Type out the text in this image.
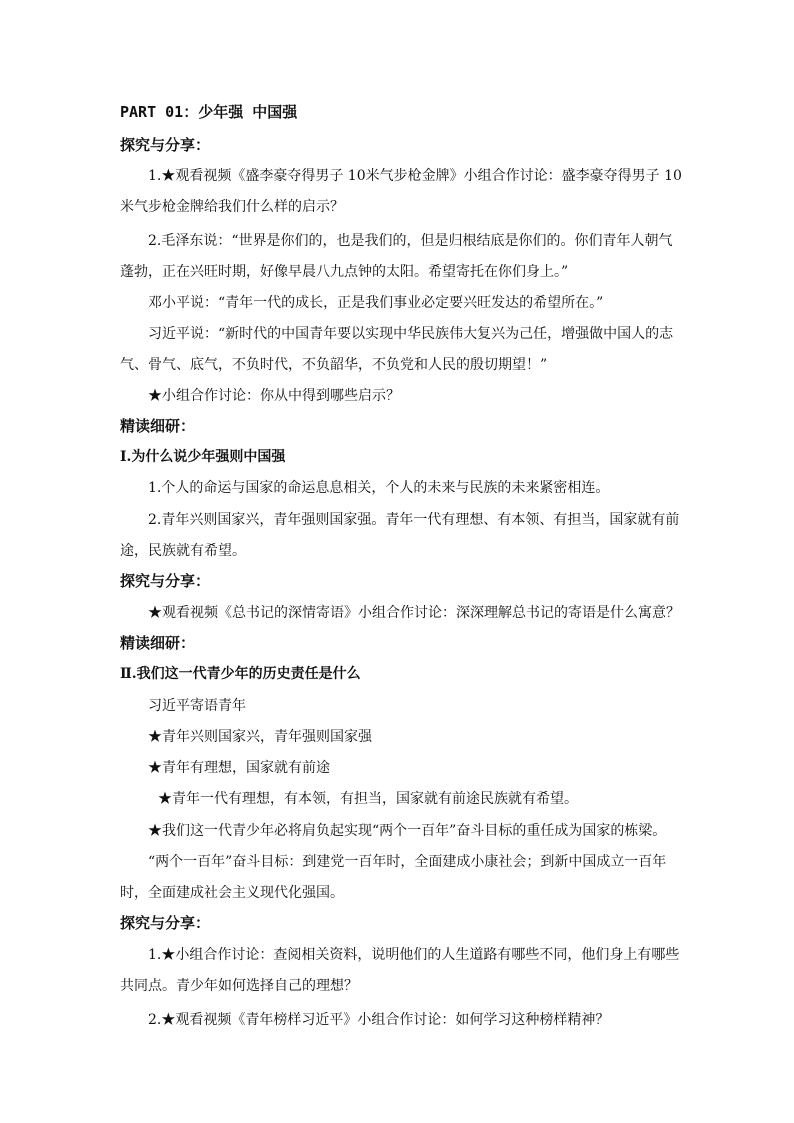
PART 01：少年强 中国强
探究与分享：
1.★观看视频《盛李豪夺得男子 10米气步枪金牌》小组合作讨论：盛李豪夺得男子 10
米气步枪金牌给我们什么样的启示？
2.毛泽东说：“世界是你们的，也是我们的，但是归根结底是你们的。你们青年人朝气
蓬勃，正在兴旺时期，好像早晨八九点钟的太阳。希望寄托在你们身上。”
邓小平说：“青年一代的成长，正是我们事业必定要兴旺发达的希望所在。”
习近平说：“新时代的中国青年要以实现中华民族伟大复兴为己任，增强做中国人的志
气、骨气、底气，不负时代，不负韶华，不负党和人民的殷切期望！”
★小组合作讨论：你从中得到哪些启示？
精读细研：
Ⅰ.为什么说少年强则中国强
1.个人的命运与国家的命运息息相关，个人的未来与民族的未来紧密相连。
2.青年兴则国家兴，青年强则国家强。青年一代有理想、有本领、有担当，国家就有前
途，民族就有希望。
探究与分享：
★观看视频《总书记的深情寄语》小组合作讨论：深深理解总书记的寄语是什么寓意？
精读细研：
Ⅱ.我们这一代青少年的历史责任是什么
习近平寄语青年
★青年兴则国家兴，青年强则国家强
★青年有理想，国家就有前途
★青年一代有理想，有本领，有担当，国家就有前途民族就有希望。
★我们这一代青少年必将肩负起实现“两个一百年”奋斗目标的重任成为国家的栋梁。
“两个一百年”奋斗目标：到建党一百年时，全面建成小康社会；到新中国成立一百年
时，全面建成社会主义现代化强国。
探究与分享：
1.★小组合作讨论：查阅相关资料，说明他们的人生道路有哪些不同，他们身上有哪些
共同点。青少年如何选择自己的理想？
2.★观看视频《青年榜样习近平》小组合作讨论：如何学习这种榜样精神？
